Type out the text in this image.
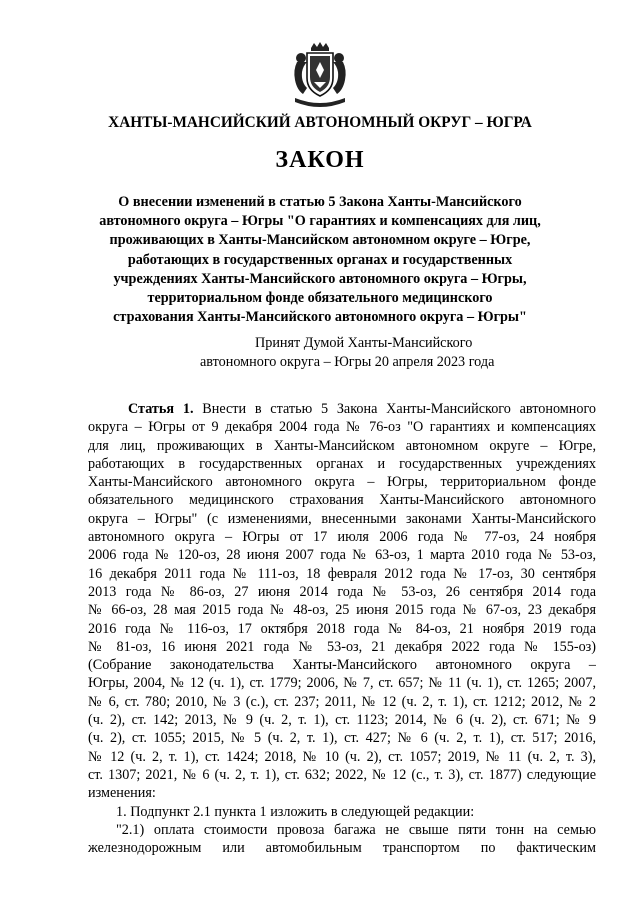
ХАНТЫ-МАНСИЙСКИЙ АВТОНОМНЫЙ ОКРУГ – ЮГРА
ЗАКОН
О внесении изменений в статью 5 Закона Ханты-Мансийского
автономного округа – Югры "О гарантиях и компенсациях для лиц,
проживающих в Ханты-Мансийском автономном округе – Югре,
работающих в государственных органах и государственных
учреждениях Ханты-Мансийского автономного округа – Югры,
территориальном фонде обязательного медицинского
страхования Ханты-Мансийского автономного округа – Югры"
Принят Думой Ханты-Мансийского
автономного округа – Югры 20 апреля 2023 года
Статья 1. Внести в статью 5 Закона Ханты-Мансийского автономного
округа – Югры от 9 декабря 2004 года № 76-оз "О гарантиях и компенсациях
для лиц, проживающих в Ханты-Мансийском автономном округе – Югре,
работающих в государственных органах и государственных учреждениях
Ханты-Мансийского автономного округа – Югры, территориальном фонде
обязательного медицинского страхования Ханты-Мансийского автономного
округа – Югры" (с изменениями, внесенными законами Ханты-Мансийского
автономного округа – Югры от 17 июля 2006 года № 77-оз, 24 ноября
2006 года № 120-оз, 28 июня 2007 года № 63-оз, 1 марта 2010 года № 53-оз,
16 декабря 2011 года № 111-оз, 18 февраля 2012 года № 17-оз, 30 сентября
2013 года № 86-оз, 27 июня 2014 года № 53-оз, 26 сентября 2014 года
№ 66-оз, 28 мая 2015 года № 48-оз, 25 июня 2015 года № 67-оз, 23 декабря
2016 года № 116-оз, 17 октября 2018 года № 84-оз, 21 ноября 2019 года
№ 81-оз, 16 июня 2021 года № 53-оз, 21 декабря 2022 года № 155-оз)
(Собрание законодательства Ханты-Мансийского автономного округа –
Югры, 2004, № 12 (ч. 1), ст. 1779; 2006, № 7, ст. 657; № 11 (ч. 1), ст. 1265; 2007,
№ 6, ст. 780; 2010, № 3 (с.), ст. 237; 2011, № 12 (ч. 2, т. 1), ст. 1212; 2012, № 2
(ч. 2), ст. 142; 2013, № 9 (ч. 2, т. 1), ст. 1123; 2014, № 6 (ч. 2), ст. 671; № 9
(ч. 2), ст. 1055; 2015, № 5 (ч. 2, т. 1), ст. 427; № 6 (ч. 2, т. 1), ст. 517; 2016,
№ 12 (ч. 2, т. 1), ст. 1424; 2018, № 10 (ч. 2), ст. 1057; 2019, № 11 (ч. 2, т. 3),
ст. 1307; 2021, № 6 (ч. 2, т. 1), ст. 632; 2022, № 12 (с., т. 3), ст. 1877) следующие
изменения:
1. Подпункт 2.1 пункта 1 изложить в следующей редакции:
"2.1) оплата стоимости провоза багажа не свыше пяти тонн на семью
железнодорожным или автомобильным транспортом по фактическим
